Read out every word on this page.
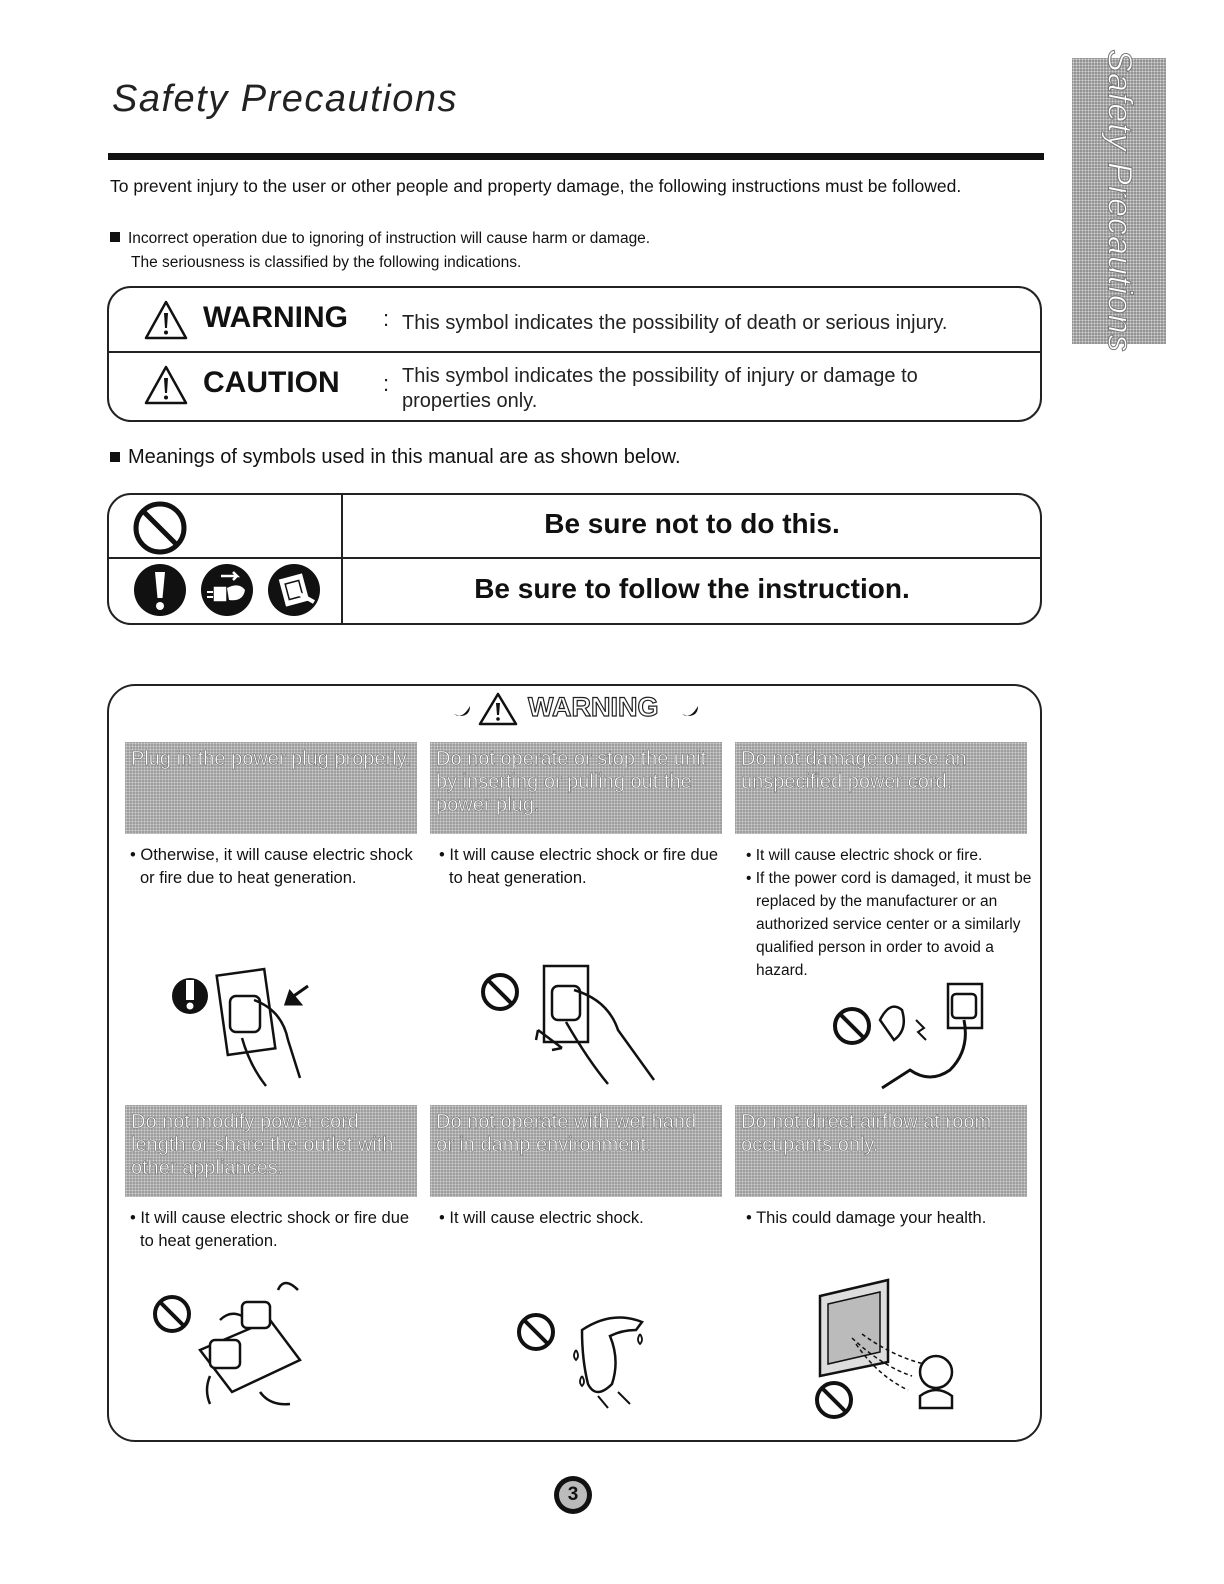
Safety Precautions	Safety Precautions
To prevent injury to the user or other people and property damage, the following instructions must be followed.
Incorrect operation due to ignoring of instruction will cause harm or damage.
The seriousness is classified by the following indications.
WARNING : This symbol indicates the possibility of death or serious injury.
CAUTION : This symbol indicates the possibility of injury or damage to
properties only.
Meanings of symbols used in this manual are as shown below.
Be sure not to do this.
Be sure to follow the instruction.
WARNING
Plug in the power plug properly.
• Otherwise, it will cause electric shock or fire due to heat generation.
Do not operate or stop the unit by inserting or pulling out the power plug.
• It will cause electric shock or fire due to heat generation.
Do not damage or use an unspecified power cord.
• It will cause electric shock or fire.
• If the power cord is damaged, it must be replaced by the manufacturer or an authorized service center or a similarly qualified person in order to avoid a hazard.
Do not modify power cord length or share the outlet with other appliances.
• It will cause electric shock or fire due to heat generation.
Do not operate with wet hand or in damp environment.
• It will cause electric shock.
Do not direct airflow at room occupants only.
• This could damage your health.
3
